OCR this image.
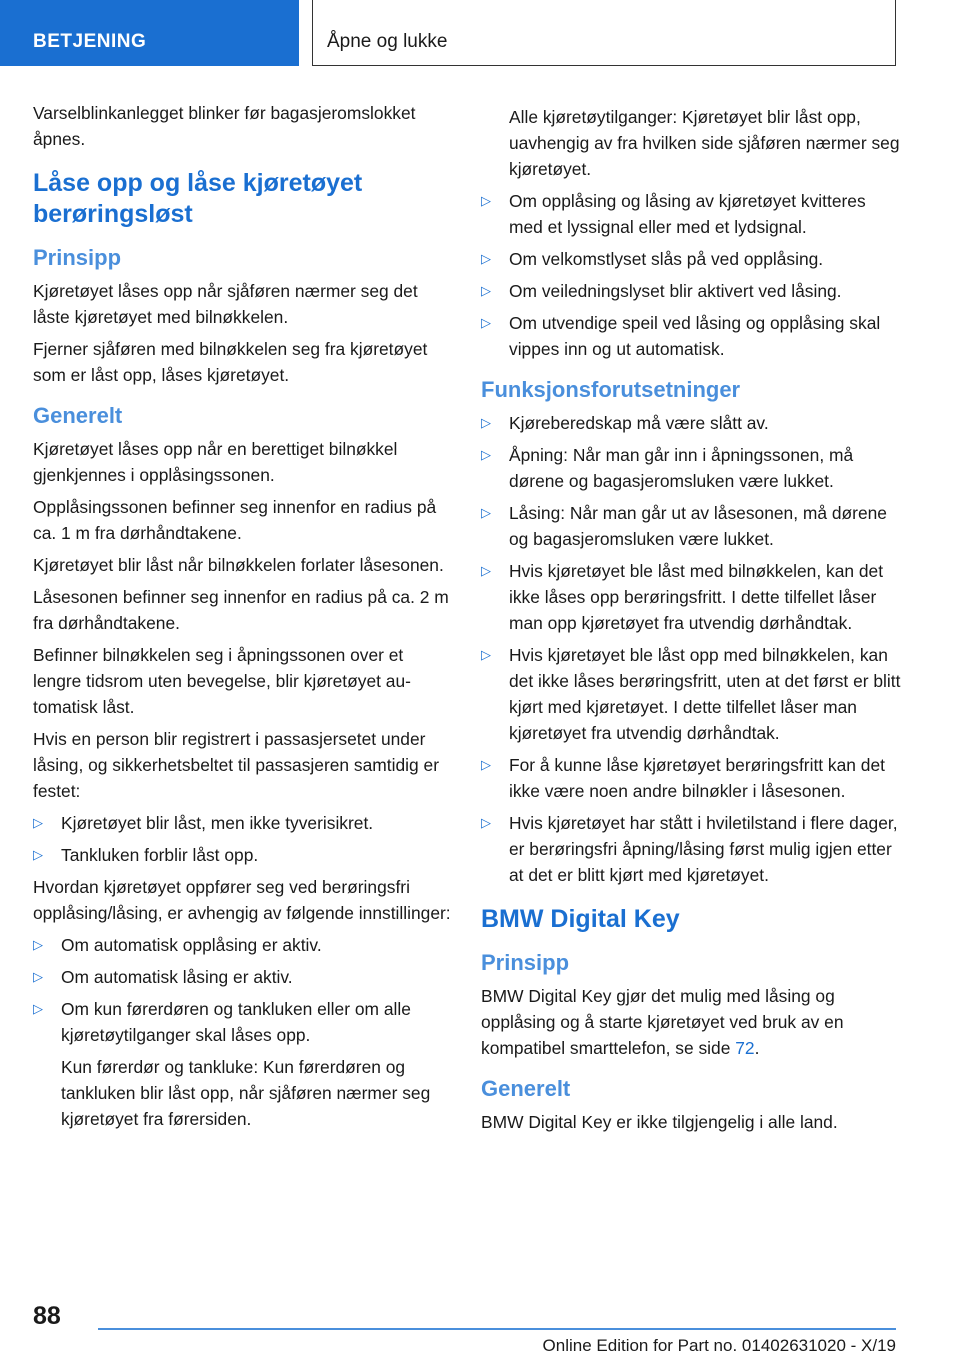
BETJENING	Åpne og lukke

Varselblinkanlegget blinker før bagasjeromslokket åpnes.

Låse opp og låse kjøretøyet berøringsløst
Prinsipp

Kjøretøyet låses opp når sjåføren nærmer seg det låste kjøretøyet med bilnøkkelen.

Fjerner sjåføren med bilnøkkelen seg fra kjøretøyet som er låst opp, låses kjøretøyet.

Generelt

Kjøretøyet låses opp når en berettiget bilnøkkel gjenkjennes i opplåsingssonen.

Opplåsingssonen befinner seg innenfor en radius på ca. 1 m fra dørhåndtakene.

Kjøretøyet blir låst når bilnøkkelen forlater låsesonen.

Låsesonen befinner seg innenfor en radius på ca. 2 m fra dørhåndtakene.

Befinner bilnøkkelen seg i åpningssonen over et lengre tidsrom uten bevegelse, blir kjøretøyet automatisk låst.

Hvis en person blir registrert i passasjersetet under låsing, og sikkerhetsbeltet til passasjeren samtidig er festet:

▷ Kjøretøyet blir låst, men ikke tyverisikret.
▷ Tankluken forblir låst opp.

Hvordan kjøretøyet oppfører seg ved berøringsfri opplåsing/låsing, er avhengig av følgende innstillinger:

▷ Om automatisk opplåsing er aktiv.
▷ Om automatisk låsing er aktiv.
▷ Om kun førerdøren og tankluken eller om alle kjøretøytilganger skal låses opp.

Kun førerdør og tankluke: Kun førerdøren og tankluken blir låst opp, når sjåføren nærmer seg kjøretøyet fra førersiden.

Alle kjøretøytilganger: Kjøretøyet blir låst opp, uavhengig av fra hvilken side sjåføren nærmer seg kjøretøyet.

▷ Om opplåsing og låsing av kjøretøyet kvitteres med et lyssignal eller med et lydsignal.
▷ Om velkomstlyset slås på ved opplåsing.
▷ Om veiledningslyset blir aktivert ved låsing.
▷ Om utvendige speil ved låsing og opplåsing skal vippes inn og ut automatisk.
Funksjonsforutsetninger
▷ Kjøreberedskap må være slått av.
▷ Åpning: Når man går inn i åpningssonen, må dørene og bagasjeromsluken være lukket.
▷ Låsing: Når man går ut av låsesonen, må dørene og bagasjeromsluken være lukket.
▷ Hvis kjøretøyet ble låst med bilnøkkelen, kan det ikke låses opp berøringsfritt. I dette tilfellet låser man opp kjøretøyet fra utvendig dørhåndtak.
▷ Hvis kjøretøyet ble låst opp med bilnøkkelen, kan det ikke låses berøringsfritt, uten at det først er blitt kjørt med kjøretøyet. I dette tilfellet låser man kjøretøyet fra utvendig dørhåndtak.
▷ For å kunne låse kjøretøyet berøringsfritt kan det ikke være noen andre bilnøkler i låsesonen.
▷ Hvis kjøretøyet har stått i hviletilstand i flere dager, er berøringsfri åpning/låsing først mulig igjen etter at det er blitt kjørt med kjøretøyet.
BMW Digital Key
Prinsipp

BMW Digital Key gjør det mulig med låsing og opplåsing og å starte kjøretøyet ved bruk av en kompatibel smarttelefon, se side 72.

Generelt

BMW Digital Key er ikke tilgjengelig i alle land.

88
Online Edition for Part no. 01402631020 - X/19
